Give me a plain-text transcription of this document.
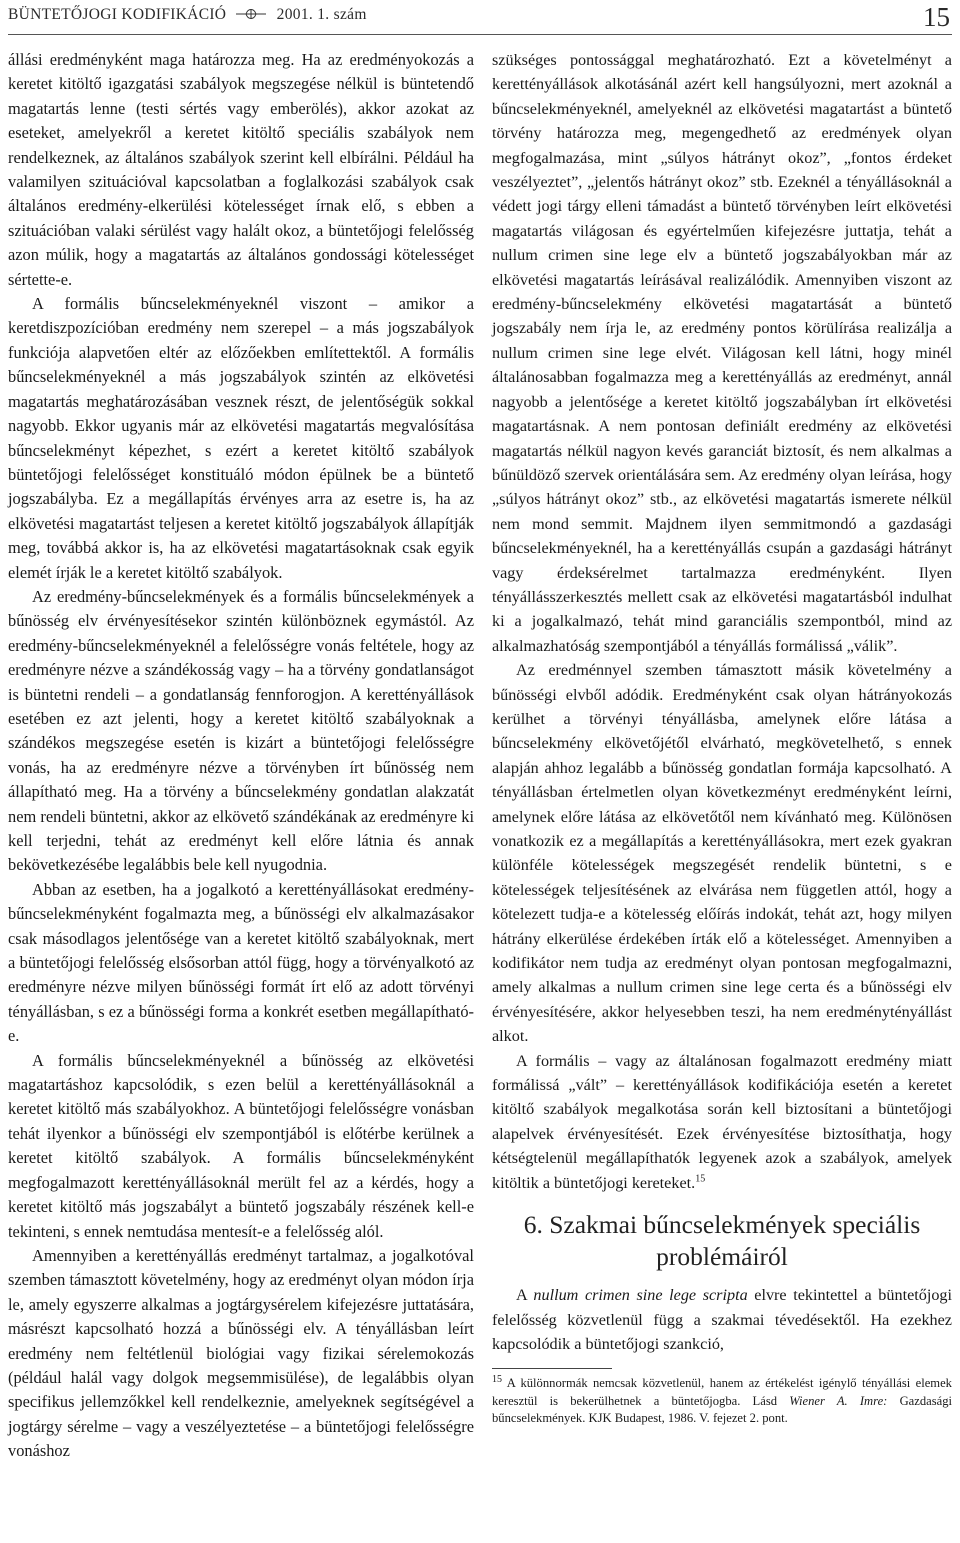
BÜNTETŐJOGI KODIFIKÁCIÓ	2001. 1. szám	15

állási eredményként maga határozza meg. Ha az eredményokozás a keretet kitöltő igazgatási szabályok megszegése nélkül is büntetendő magatartás lenne (testi sértés vagy emberölés), akkor azokat az eseteket, amelyekről a keretet kitöltő speciális szabályok nem rendelkeznek, az általános szabályok szerint kell elbírálni. Például ha valamilyen szituációval kapcsolatban a foglalkozási szabályok csak általános eredmény-elkerülési kötelességet írnak elő, s ebben a szituációban valaki sérülést vagy halált okoz, a büntetőjogi felelősség azon múlik, hogy a magatartás az általános gondossági kötelességet sértette-e.

A formális bűncselekményeknél viszont – amikor a keretdiszpozícióban eredmény nem szerepel – a más jogszabályok funkciója alapvetően eltér az előzőekben említettektől. A formális bűncselekményeknél a más jogszabályok szintén az elkövetési magatartás meghatározásában vesznek részt, de jelentőségük sokkal nagyobb. Ekkor ugyanis már az elkövetési magatartás megvalósítása bűncselekményt képezhet, s ezért a keretet kitöltő szabályok büntetőjogi felelősséget konstituáló módon épülnek be a büntető jogszabályba. Ez a megállapítás érvényes arra az esetre is, ha az elkövetési magatartást teljesen a keretet kitöltő jogszabályok állapítják meg, továbbá akkor is, ha az elkövetési magatartásoknak csak egyik elemét írják le a keretet kitöltő szabályok.

Az eredmény-bűncselekmények és a formális bűncselekmények a bűnösség elv érvényesítésekor szintén különböznek egymástól. Az eredmény-bűncselekményeknél a felelősségre vonás feltétele, hogy az eredményre nézve a szándékosság vagy – ha a törvény gondatlanságot is büntetni rendeli – a gondatlanság fennforogjon. A kerettényállások esetében ez azt jelenti, hogy a keretet kitöltő szabályoknak a szándékos megszegése esetén is kizárt a büntetőjogi felelősségre vonás, ha az eredményre nézve a törvényben írt bűnösség nem állapítható meg. Ha a törvény a bűncselekmény gondatlan alakzatát nem rendeli büntetni, akkor az elkövető szándékának az eredményre ki kell terjedni, tehát az eredményt kell előre látnia és annak bekövetkezésébe legalábbis bele kell nyugodnia.

Abban az esetben, ha a jogalkotó a kerettényállásokat eredmény-bűncselekményként fogalmazta meg, a bűnösségi elv alkalmazásakor csak másodlagos jelentősége van a keretet kitöltő szabályoknak, mert a büntetőjogi felelősség elsősorban attól függ, hogy a törvényalkotó az eredményre nézve milyen bűnösségi formát írt elő az adott törvényi tényállásban, s ez a bűnösségi forma a konkrét esetben megállapítható-e.

A formális bűncselekményeknél a bűnösség az elkövetési magatartáshoz kapcsolódik, s ezen belül a kerettényállásoknál a keretet kitöltő más szabályokhoz. A büntetőjogi felelősségre vonásban tehát ilyenkor a bűnösségi elv szempontjából is előtérbe kerülnek a keretet kitöltő szabályok. A formális bűncselekményként megfogalmazott kerettényállásoknál merült fel az a kérdés, hogy a keretet kitöltő más jogszabályt a büntető jogszabály részének kell-e tekinteni, s ennek nemtudása mentesít-e a felelősség alól.

Amennyiben a kerettényállás eredményt tartalmaz, a jogalkotóval szemben támasztott követelmény, hogy az eredményt olyan módon írja le, amely egyszerre alkalmas a jogtárgysérelem kifejezésre juttatására, másrészt kapcsolható hozzá a bűnösségi elv. A tényállásban leírt eredmény nem feltétlenül biológiai vagy fizikai sérelemokozás (például halál vagy dolgok megsemmisülése), de legalábbis olyan specifikus jellemzőkkel kell rendelkeznie, amelyeknek segítségével a jogtárgy sérelme – vagy a veszélyeztetése – a büntetőjogi felelősségre vonáshoz

szükséges pontossággal meghatározható. Ezt a követelményt a kerettényállások alkotásánál azért kell hangsúlyozni, mert azoknál a bűncselekményeknél, amelyeknél az elkövetési magatartást a büntető törvény határozza meg, megengedhető az eredmények olyan megfogalmazása, mint „súlyos hátrányt okoz”, „fontos érdeket veszélyeztet”, „jelentős hátrányt okoz” stb. Ezeknél a tényállásoknál a védett jogi tárgy elleni támadást a büntető törvényben leírt elkövetési magatartás világosan és egyértelműen kifejezésre juttatja, tehát a nullum crimen sine lege elv a büntető jogszabályokban már az elkövetési magatartás leírásával realizálódik. Amennyiben viszont az eredmény-bűncselekmény elkövetési magatartását a büntető jogszabály nem írja le, az eredmény pontos körülírása realizálja a nullum crimen sine lege elvét. Világosan kell látni, hogy minél általánosabban fogalmazza meg a kerettényállás az eredményt, annál nagyobb a jelentősége a keretet kitöltő jogszabályban írt elkövetési magatartásnak. A nem pontosan definiált eredmény az elkövetési magatartás nélkül nagyon kevés garanciát biztosít, és nem alkalmas a bűnüldöző szervek orientálására sem. Az eredmény olyan leírása, hogy „súlyos hátrányt okoz” stb., az elkövetési magatartás ismerete nélkül nem mond semmit. Majdnem ilyen semmitmondó a gazdasági bűncselekményeknél, ha a kerettényállás csupán a gazdasági hátrányt vagy érdeksérelmet tartalmazza eredményként. Ilyen tényállásszerkesztés mellett csak az elkövetési magatartásból indulhat ki a jogalkalmazó, tehát mind garanciális szempontból, mind az alkalmazhatóság szempontjából a tényállás formálissá „válik”.

Az eredménnyel szemben támasztott másik követelmény a bűnösségi elvből adódik. Eredményként csak olyan hátrányokozás kerülhet a törvényi tényállásba, amelynek előre látása a bűncselekmény elkövetőjétől elvárható, megkövetelhető, s ennek alapján ahhoz legalább a bűnösség gondatlan formája kapcsolható. A tényállásban értelmetlen olyan következményt eredményként leírni, amelynek előre látása az elkövetőtől nem kívánható meg. Különösen vonatkozik ez a megállapítás a kerettényállásokra, mert ezek gyakran különféle kötelességek megszegését rendelik büntetni, s e kötelességek teljesítésének az elvárása nem független attól, hogy a kötelezett tudja-e a kötelesség előírás indokát, tehát azt, hogy milyen hátrány elkerülése érdekében írták elő a kötelességet. Amennyiben a kodifikátor nem tudja az eredményt olyan pontosan megfogalmazni, amely alkalmas a nullum crimen sine lege certa és a bűnösségi elv érvényesítésére, akkor helyesebben teszi, ha nem eredménytényállást alkot.

A formális – vagy az általánosan fogalmazott eredmény miatt formálissá „vált” – kerettényállások kodifikációja esetén a keretet kitöltő szabályok megalkotása során kell biztosítani a büntetőjogi alapelvek érvényesítését. Ezek érvényesítése biztosíthatja, hogy kétségtelenül megállapíthatók legyenek azok a szabályok, amelyek kitöltik a büntetőjogi kereteket.$^{15}$

6. Szakmai bűncselekmények speciális problémáiról

A nullum crimen sine lege scripta elvre tekintettel a büntetőjogi felelősség közvetlenül függ a szakmai tévedésektől. Ha ezekhez kapcsolódik a büntetőjogi szankció,

$^{15}$ A különnormák nemcsak közvetlenül, hanem az értékelést igénylő tényállási elemek keresztül is bekerülhetnek a büntetőjogba. Lásd Wiener A. Imre: Gazdasági bűncselekmények. KJK Budapest, 1986. V. fejezet 2. pont.
